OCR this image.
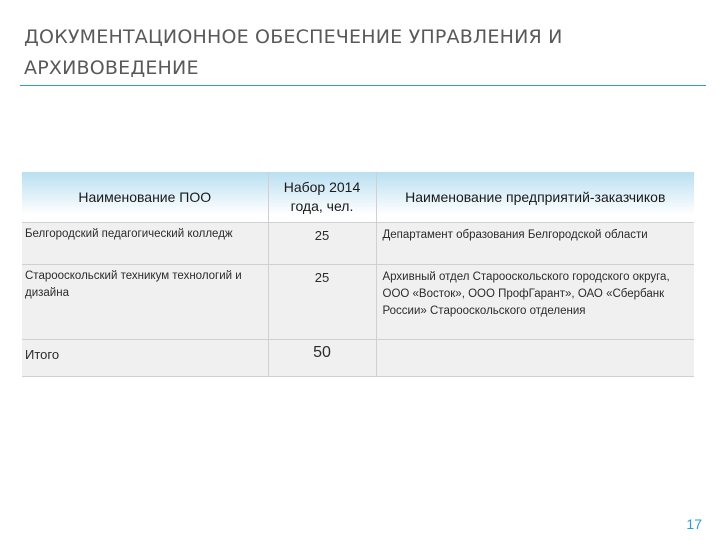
ДОКУМЕНТАЦИОННОЕ ОБЕСПЕЧЕНИЕ УПРАВЛЕНИЯ И АРХИВОВЕДЕНИЕ
Наименование ПОО	Набор 2014 года, чел.	Наименование предприятий-заказчиков
Белгородский педагогический колледж	25	Департамент образования Белгородской области
Старооскольский техникум технологий и дизайна	25	Архивный отдел Старооскольского городского округа, ООО «Восток», ООО ПрофГарант», ОАО «Сбербанк России» Старооскольского отделения
Итого	50	
17
